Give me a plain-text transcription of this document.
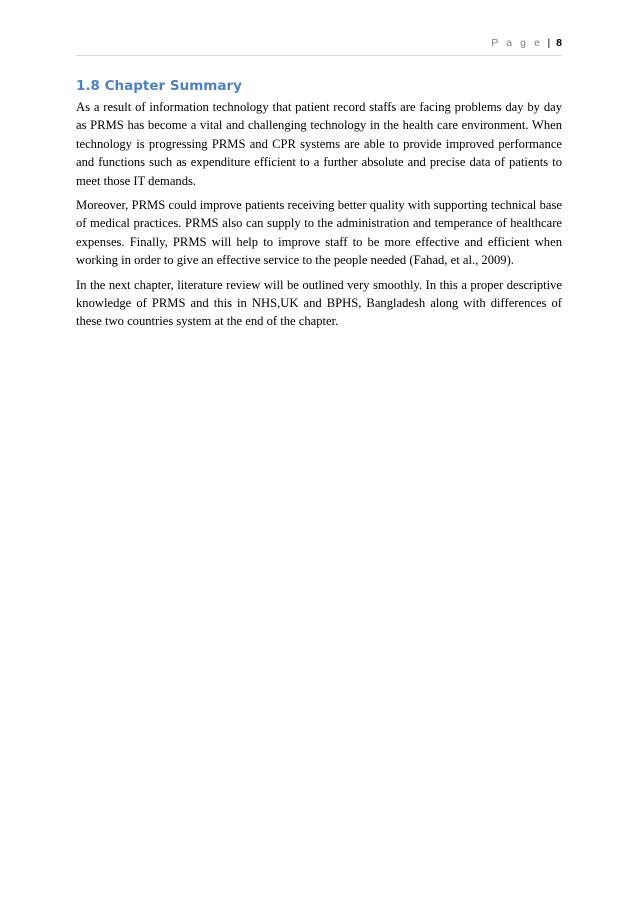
P a g e | 8
1.8 Chapter Summary

As a result of information technology that patient record staffs are facing problems day by day as PRMS has become a vital and challenging technology in the health care environment. When technology is progressing PRMS and CPR systems are able to provide improved performance and functions such as expenditure efficient to a further absolute and precise data of patients to meet those IT demands.

Moreover, PRMS could improve patients receiving better quality with supporting technical base of medical practices. PRMS also can supply to the administration and temperance of healthcare expenses. Finally, PRMS will help to improve staff to be more effective and efficient when working in order to give an effective service to the people needed (Fahad, et al., 2009).

In the next chapter, literature review will be outlined very smoothly. In this a proper descriptive knowledge of PRMS and this in NHS,UK and BPHS, Bangladesh along with differences of these two countries system at the end of the chapter.
